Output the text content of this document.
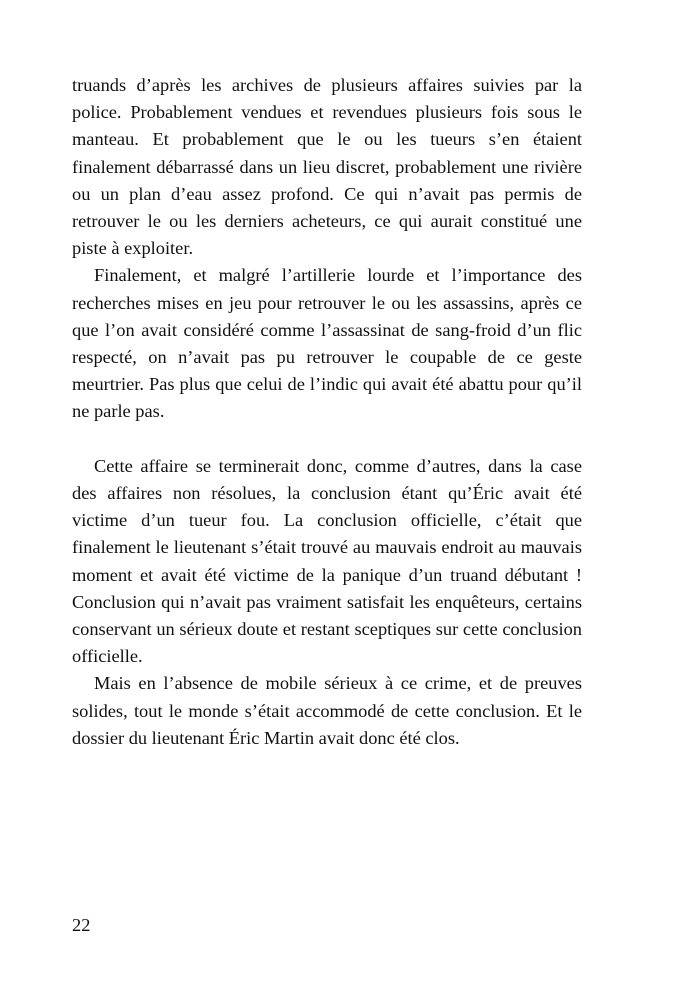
truands d’après les archives de plusieurs affaires suivies par la police. Probablement vendues et revendues plusieurs fois sous le manteau. Et probablement que le ou les tueurs s’en étaient finalement débarrassé dans un lieu discret, probablement une rivière ou un plan d’eau assez profond. Ce qui n’avait pas permis de retrouver le ou les derniers acheteurs, ce qui aurait constitué une piste à exploiter.

Finalement, et malgré l’artillerie lourde et l’importance des recherches mises en jeu pour retrouver le ou les assassins, après ce que l’on avait considéré comme l’assassinat de sang-froid d’un flic respecté, on n’avait pas pu retrouver le coupable de ce geste meurtrier. Pas plus que celui de l’indic qui avait été abattu pour qu’il ne parle pas.

Cette affaire se terminerait donc, comme d’autres, dans la case des affaires non résolues, la conclusion étant qu’Éric avait été victime d’un tueur fou. La conclusion officielle, c’était que finalement le lieutenant s’était trouvé au mauvais endroit au mauvais moment et avait été victime de la panique d’un truand débutant ! Conclusion qui n’avait pas vraiment satisfait les enquêteurs, certains conservant un sérieux doute et restant sceptiques sur cette conclusion officielle.

Mais en l’absence de mobile sérieux à ce crime, et de preuves solides, tout le monde s’était accommodé de cette conclusion. Et le dossier du lieutenant Éric Martin avait donc été clos.

22
